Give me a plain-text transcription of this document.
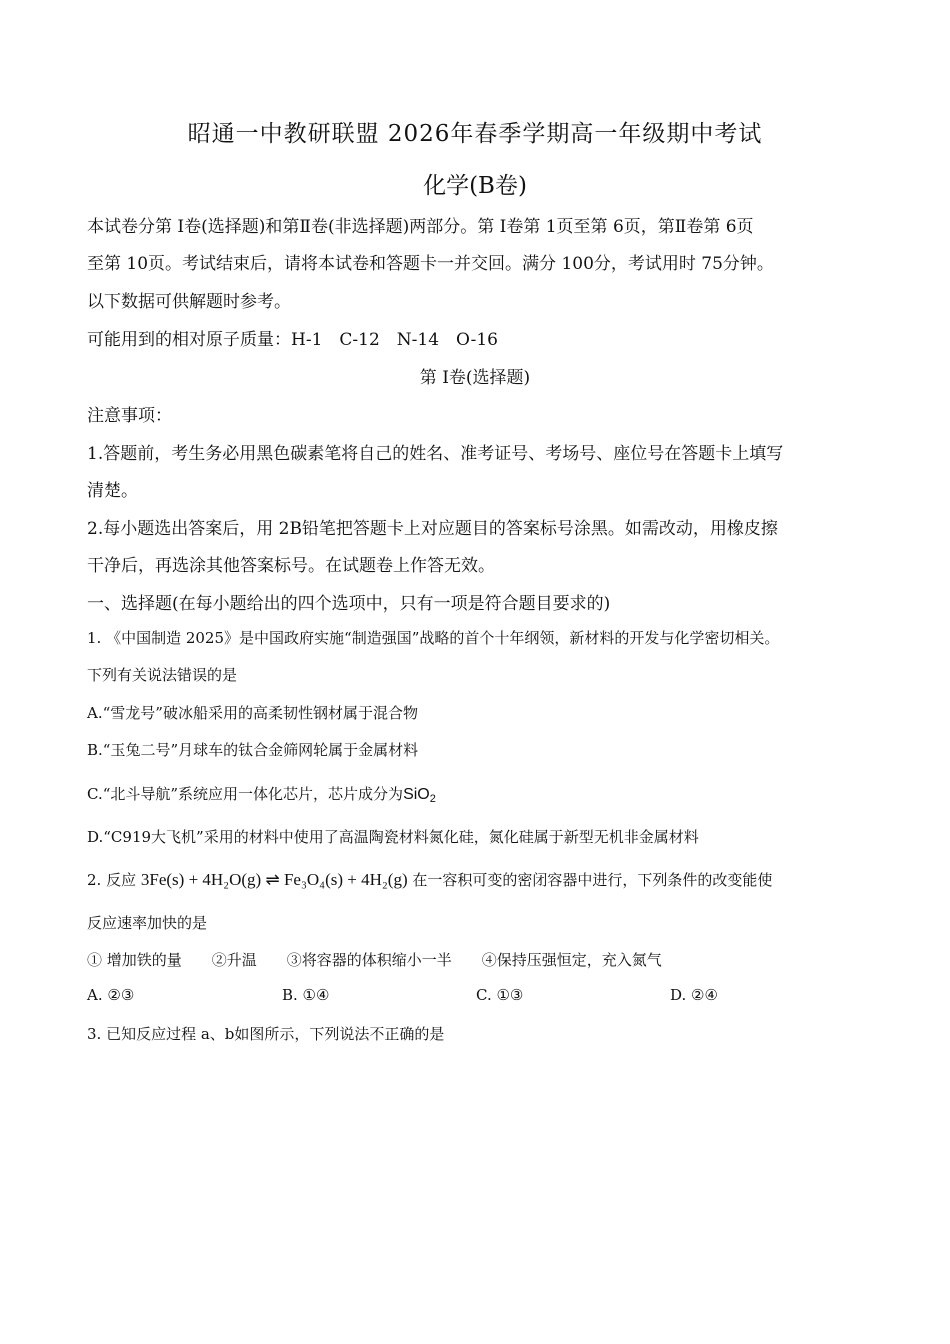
昭通一中教研联盟 2026年春季学期高一年级期中考试
化学(B卷)
本试卷分第 I卷(选择题)和第Ⅱ卷(非选择题)两部分。第 I卷第 1页至第 6页，第Ⅱ卷第 6页
至第 10页。考试结束后，请将本试卷和答题卡一并交回。满分 100分，考试用时 75分钟。
以下数据可供解题时参考。
可能用到的相对原子质量：H-1　C-12　N-14　O-16
第 I卷(选择题)
注意事项：
1.答题前，考生务必用黑色碳素笔将自己的姓名、准考证号、考场号、座位号在答题卡上填写
清楚。
2.每小题选出答案后，用 2B铅笔把答题卡上对应题目的答案标号涂黑。如需改动，用橡皮擦
干净后，再选涂其他答案标号。在试题卷上作答无效。
一、选择题(在每小题给出的四个选项中，只有一项是符合题目要求的)
1. 《中国制造 2025》是中国政府实施“制造强国”战略的首个十年纲领，新材料的开发与化学密切相关。
下列有关说法错误的是
A.“雪龙号”破冰船采用的高柔韧性钢材属于混合物
B.“玉兔二号”月球车的钛合金筛网轮属于金属材料
C.“北斗导航”系统应用一体化芯片，芯片成分为SiO$_2$
D.“C919大飞机”采用的材料中使用了高温陶瓷材料氮化硅，氮化硅属于新型无机非金属材料
2. 反应 3Fe(s) + 4H₂O(g) ⇌ Fe₃O₄(s) + 4H₂(g) 在一容积可变的密闭容器中进行，下列条件的改变能使
反应速率加快的是
① 增加铁的量　　②升温　　③将容器的体积缩小一半　　④保持压强恒定，充入氮气
A. ②③	B. ①④	C. ①③	D. ②④
3. 已知反应过程 a、b如图所示，下列说法不正确的是
